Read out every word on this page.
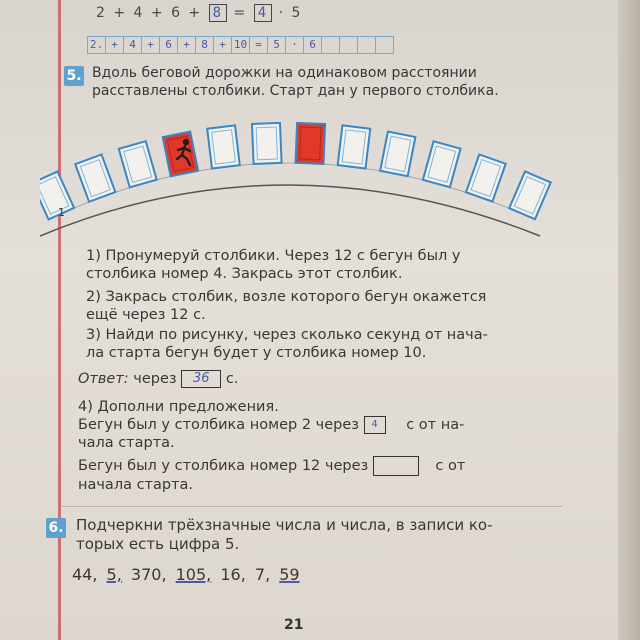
2 + 4 + 6 + 8 = 4 · 5
2. +	4	+	6	+	8	+ 10 =	5	·	6
5. Вдоль беговой дорожки на одинаковом расстоянии
расставлены столбики. Старт дан у первого столбика.
1
1) Пронумеруй столбики. Через 12 с бегун был у
столбика номер 4. Закрась этот столбик.
2) Закрась столбик, возле которого бегун окажется
ещё через 12 с.
3) Найди по рисунку, через сколько секунд от нача-
ла старта бегун будет у столбика номер 10.
Ответ: через 36 с.
4) Дополни предложения.
Бегун был у столбика номер 2 через 4 с от на-
чала старта.
Бегун был у столбика номер 12 через	с от
начала старта.
6. Подчеркни трёхзначные числа и числа, в записи ко-
торых есть цифра 5.
44, 5, 370, 105, 16, 7, 59
21
